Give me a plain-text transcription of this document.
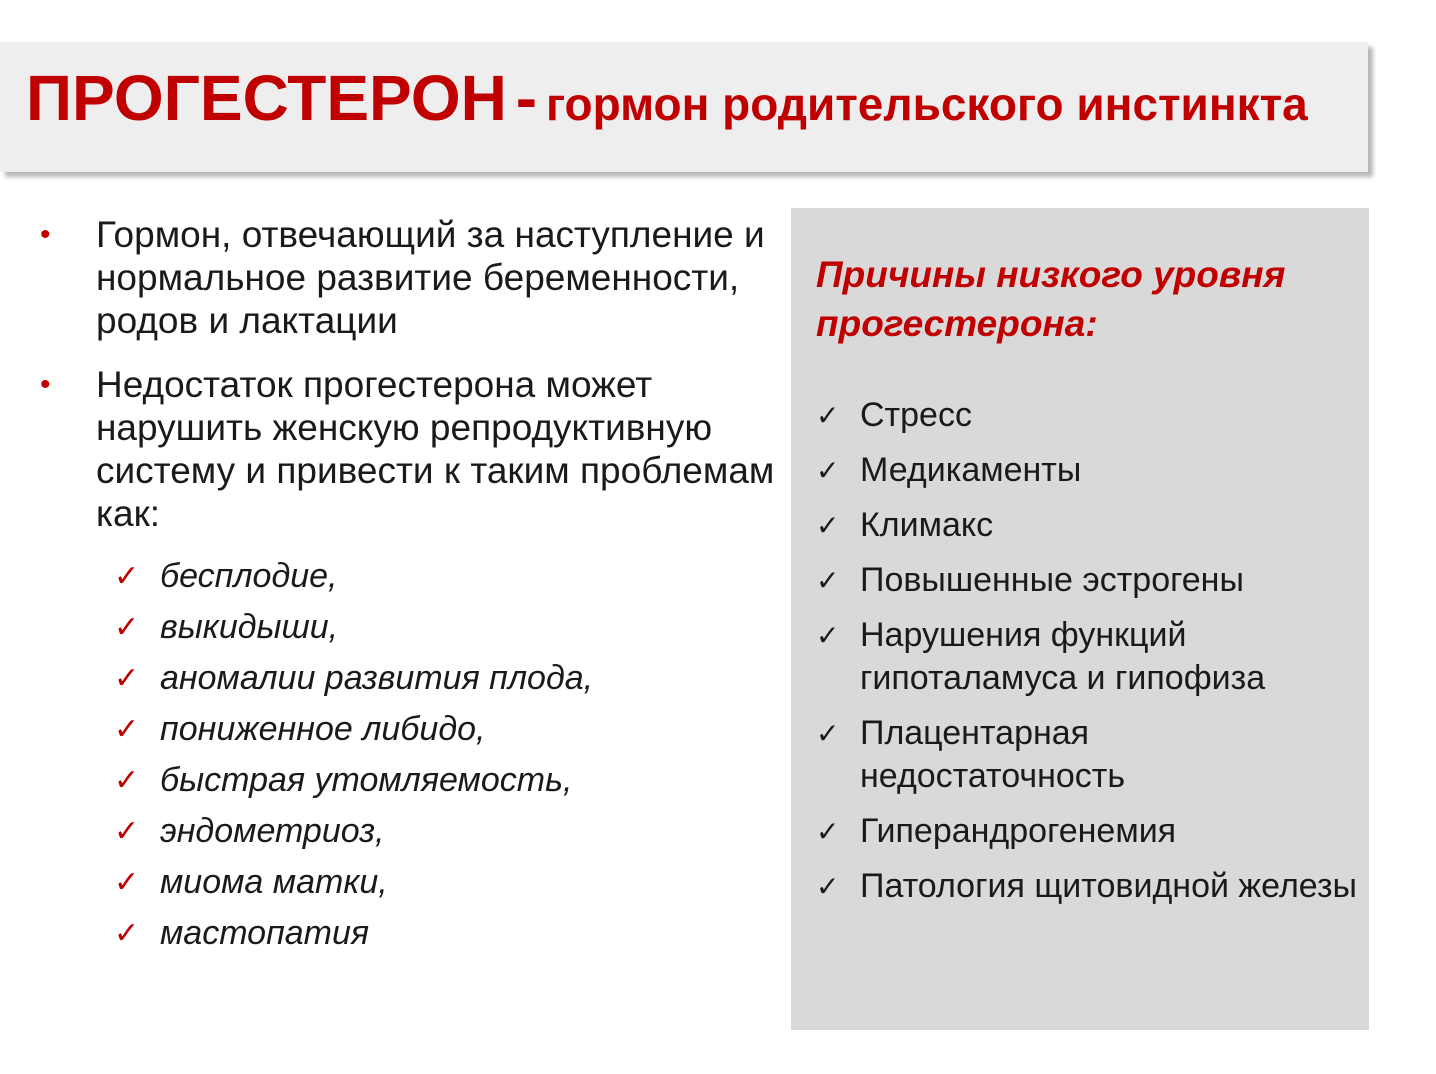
ПРОГЕСТЕРОН - гормон родительского инстинкта
• Гормон, отвечающий за наступление и нормальное развитие беременности, родов и лактации
• Недостаток прогестерона может нарушить женскую репродуктивную систему и привести к таким проблемам как:
✓ бесплодие,
✓ выкидыши,
✓ аномалии развития плода,
✓ пониженное либидо,
✓ быстрая утомляемость,
✓ эндометриоз,
✓ миома матки,
✓ мастопатия
Причины низкого уровня прогестерона:
✓ Стресс
✓ Медикаменты
✓ Климакс
✓ Повышенные эстрогены
✓ Нарушения функций гипоталамуса и гипофиза
✓ Плацентарная недостаточность
✓ Гиперандрогенемия
✓ Патология щитовидной железы
